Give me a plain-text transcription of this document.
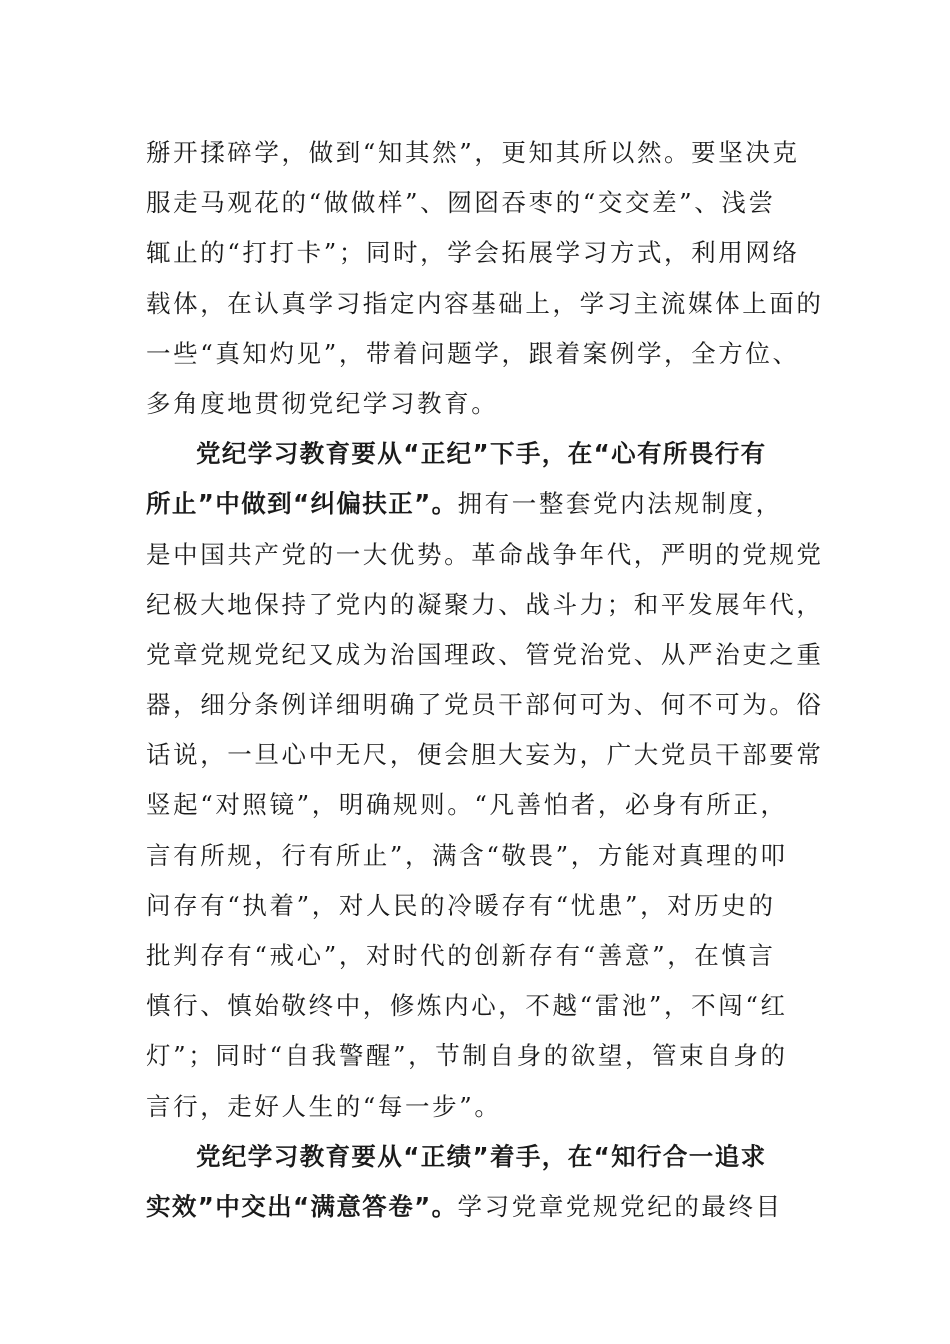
掰开揉碎学，做到“知其然”，更知其所以然。要坚决克
服走马观花的“做做样”、囫囵吞枣的“交交差”、浅尝
辄止的“打打卡”；同时，学会拓展学习方式，利用网络
载体，在认真学习指定内容基础上，学习主流媒体上面的
一些“真知灼见”，带着问题学，跟着案例学，全方位、
多角度地贯彻党纪学习教育。
党纪学习教育要从“正纪”下手，在“心有所畏行有
所止”中做到“纠偏扶正”。拥有一整套党内法规制度，
是中国共产党的一大优势。革命战争年代，严明的党规党
纪极大地保持了党内的凝聚力、战斗力；和平发展年代，
党章党规党纪又成为治国理政、管党治党、从严治吏之重
器，细分条例详细明确了党员干部何可为、何不可为。俗
话说，一旦心中无尺，便会胆大妄为，广大党员干部要常
竖起“对照镜”，明确规则。“凡善怕者，必身有所正，
言有所规，行有所止”，满含“敬畏”，方能对真理的叩
问存有“执着”，对人民的冷暖存有“忧患”，对历史的
批判存有“戒心”，对时代的创新存有“善意”，在慎言
慎行、慎始敬终中，修炼内心，不越“雷池”，不闯“红
灯”；同时“自我警醒”，节制自身的欲望，管束自身的
言行，走好人生的“每一步”。
党纪学习教育要从“正绩”着手，在“知行合一追求
实效”中交出“满意答卷”。学习党章党规党纪的最终目
